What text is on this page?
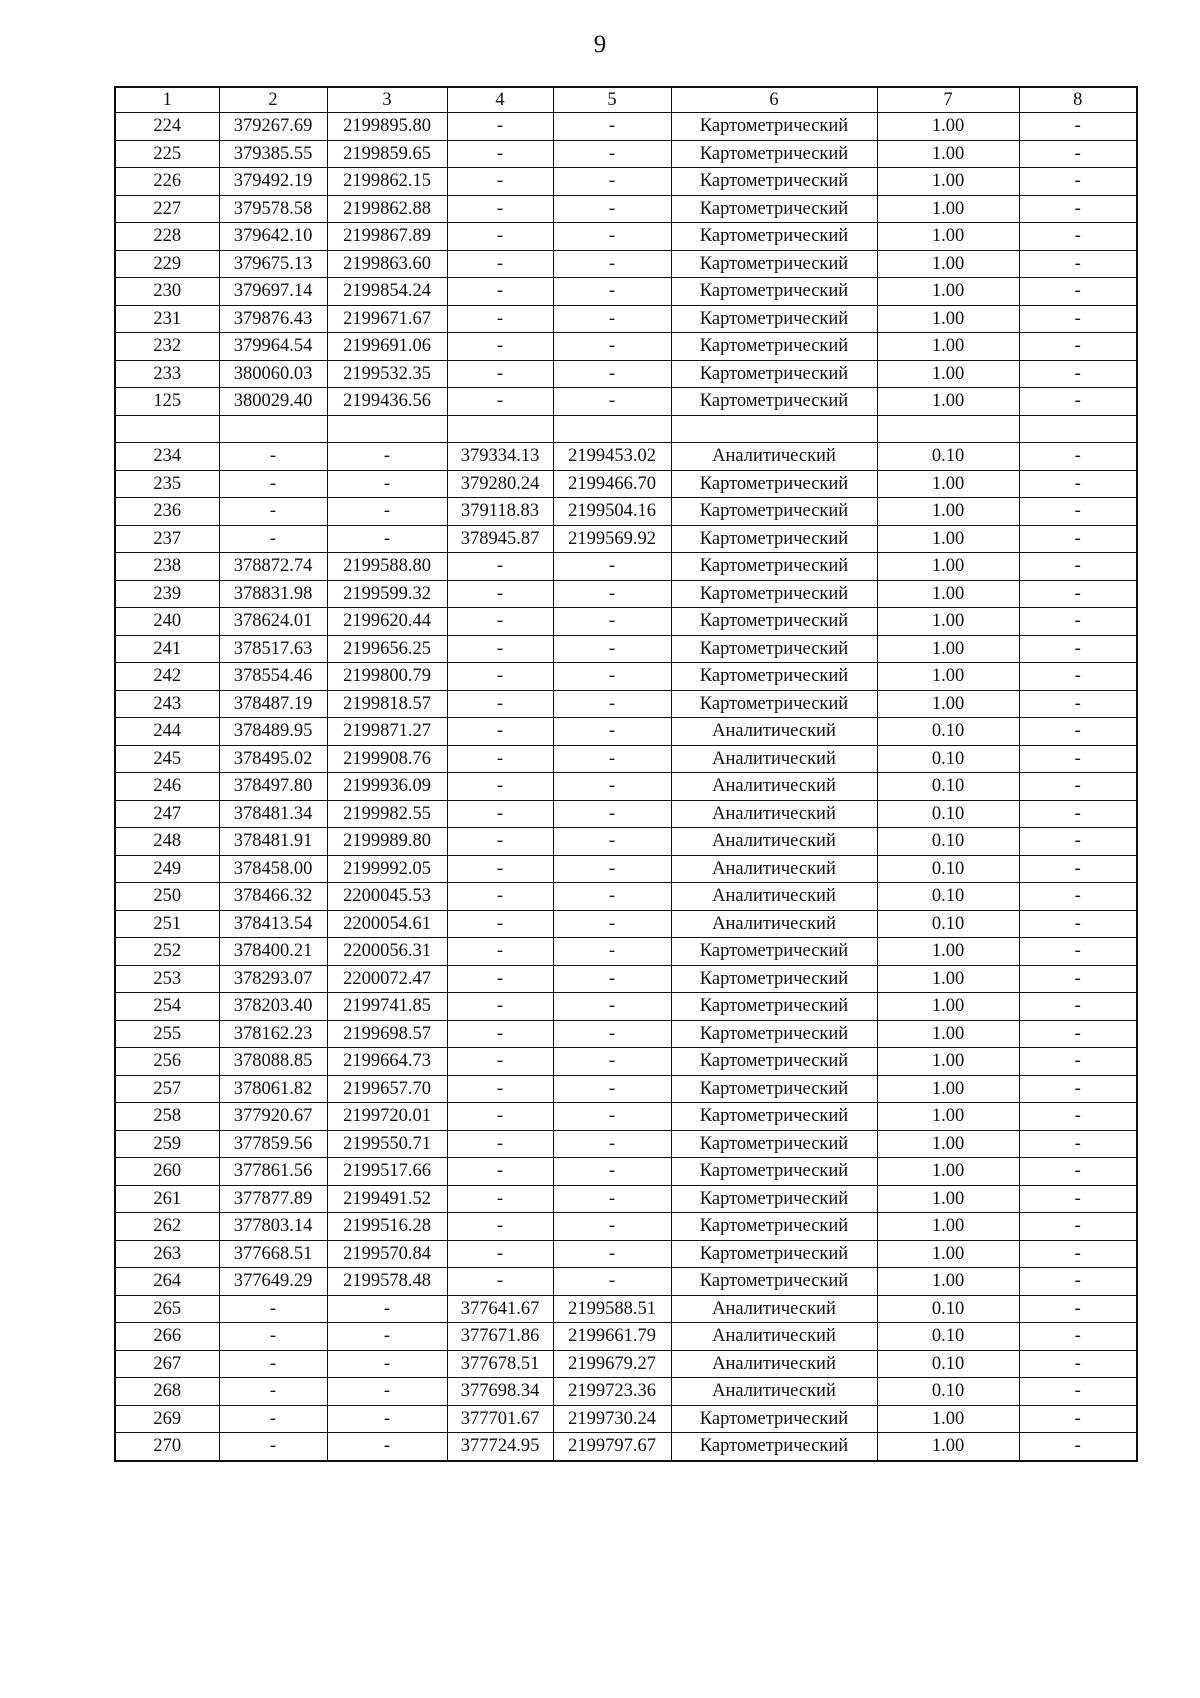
9
1	2	3	4	5	6	7	8
224	379267.69	2199895.80	-	-	Картометрический	1.00	-
225	379385.55	2199859.65	-	-	Картометрический	1.00	-
226	379492.19	2199862.15	-	-	Картометрический	1.00	-
227	379578.58	2199862.88	-	-	Картометрический	1.00	-
228	379642.10	2199867.89	-	-	Картометрический	1.00	-
229	379675.13	2199863.60	-	-	Картометрический	1.00	-
230	379697.14	2199854.24	-	-	Картометрический	1.00	-
231	379876.43	2199671.67	-	-	Картометрический	1.00	-
232	379964.54	2199691.06	-	-	Картометрический	1.00	-
233	380060.03	2199532.35	-	-	Картометрический	1.00	-
125	380029.40	2199436.56	-	-	Картометрический	1.00	-

234	-	-	379334.13	2199453.02	Аналитический	0.10	-
235	-	-	379280.24	2199466.70	Картометрический	1.00	-
236	-	-	379118.83	2199504.16	Картометрический	1.00	-
237	-	-	378945.87	2199569.92	Картометрический	1.00	-
238	378872.74	2199588.80	-	-	Картометрический	1.00	-
239	378831.98	2199599.32	-	-	Картометрический	1.00	-
240	378624.01	2199620.44	-	-	Картометрический	1.00	-
241	378517.63	2199656.25	-	-	Картометрический	1.00	-
242	378554.46	2199800.79	-	-	Картометрический	1.00	-
243	378487.19	2199818.57	-	-	Картометрический	1.00	-
244	378489.95	2199871.27	-	-	Аналитический	0.10	-
245	378495.02	2199908.76	-	-	Аналитический	0.10	-
246	378497.80	2199936.09	-	-	Аналитический	0.10	-
247	378481.34	2199982.55	-	-	Аналитический	0.10	-
248	378481.91	2199989.80	-	-	Аналитический	0.10	-
249	378458.00	2199992.05	-	-	Аналитический	0.10	-
250	378466.32	2200045.53	-	-	Аналитический	0.10	-
251	378413.54	2200054.61	-	-	Аналитический	0.10	-
252	378400.21	2200056.31	-	-	Картометрический	1.00	-
253	378293.07	2200072.47	-	-	Картометрический	1.00	-
254	378203.40	2199741.85	-	-	Картометрический	1.00	-
255	378162.23	2199698.57	-	-	Картометрический	1.00	-
256	378088.85	2199664.73	-	-	Картометрический	1.00	-
257	378061.82	2199657.70	-	-	Картометрический	1.00	-
258	377920.67	2199720.01	-	-	Картометрический	1.00	-
259	377859.56	2199550.71	-	-	Картометрический	1.00	-
260	377861.56	2199517.66	-	-	Картометрический	1.00	-
261	377877.89	2199491.52	-	-	Картометрический	1.00	-
262	377803.14	2199516.28	-	-	Картометрический	1.00	-
263	377668.51	2199570.84	-	-	Картометрический	1.00	-
264	377649.29	2199578.48	-	-	Картометрический	1.00	-
265	-	-	377641.67	2199588.51	Аналитический	0.10	-
266	-	-	377671.86	2199661.79	Аналитический	0.10	-
267	-	-	377678.51	2199679.27	Аналитический	0.10	-
268	-	-	377698.34	2199723.36	Аналитический	0.10	-
269	-	-	377701.67	2199730.24	Картометрический	1.00	-
270	-	-	377724.95	2199797.67	Картометрический	1.00	-
